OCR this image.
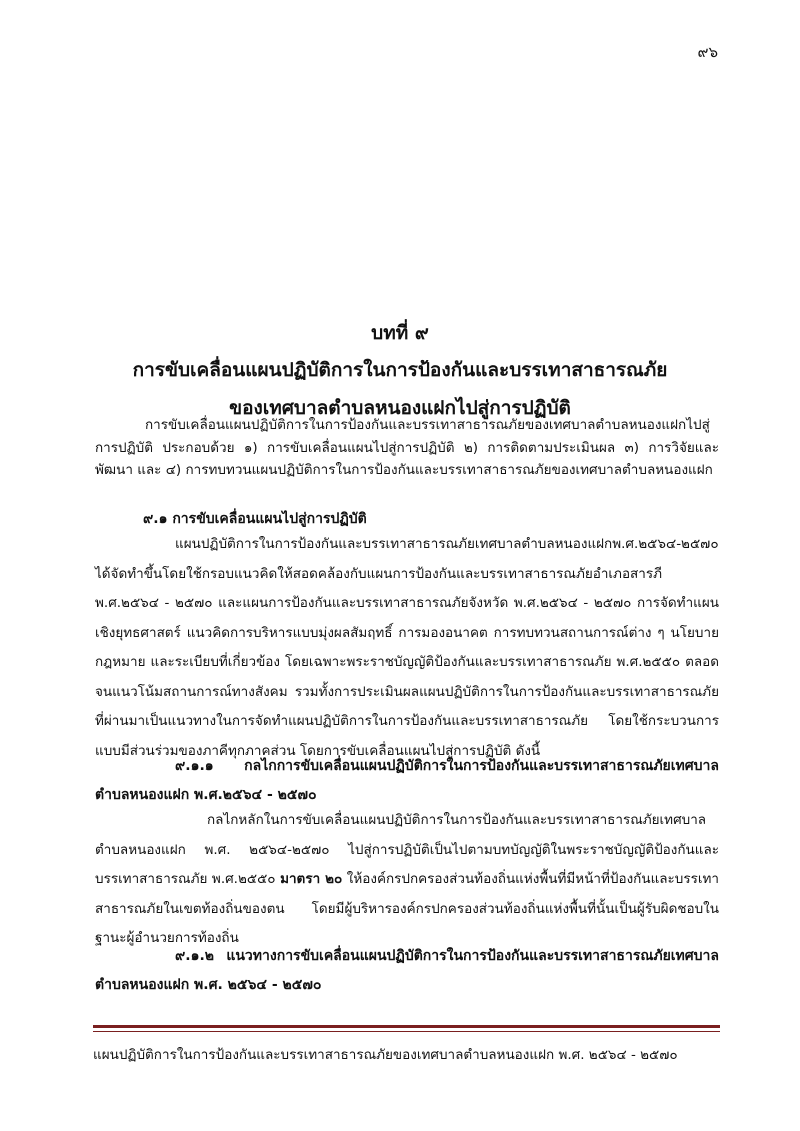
๙๖
บทที่ ๙
การขับเคลื่อนแผนปฏิบัติการในการป้องกันและบรรเทาสาธารณภัย
ของเทศบาลตำบลหนองแฝกไปสู่การปฏิบัติ

การขับเคลื่อนแผนปฏิบัติการในการป้องกันและบรรเทาสาธารณภัยของเทศบาลตำบลหนองแฝกไปสู่การปฏิบัติ ประกอบด้วย ๑) การขับเคลื่อนแผนไปสู่การปฏิบัติ ๒) การติดตามประเมินผล ๓) การวิจัยและพัฒนา และ ๔) การทบทวนแผนปฏิบัติการในการป้องกันและบรรเทาสาธารณภัยของเทศบาลตำบลหนองแฝก

๙.๑ การขับเคลื่อนแผนไปสู่การปฏิบัติ

แผนปฏิบัติการในการป้องกันและบรรเทาสาธารณภัยเทศบาลตำบลหนองแฝกพ.ศ.๒๕๖๔-๒๕๗๐ ได้จัดทำขึ้นโดยใช้กรอบแนวคิดให้สอดคล้องกับแผนการป้องกันและบรรเทาสาธารณภัยอำเภอสารภี พ.ศ.๒๕๖๔ - ๒๕๗๐ และแผนการป้องกันและบรรเทาสาธารณภัยจังหวัด พ.ศ.๒๕๖๔ - ๒๕๗๐ การจัดทำแผนเชิงยุทธศาสตร์ แนวคิดการบริหารแบบมุ่งผลสัมฤทธิ์ การมองอนาคต การทบทวนสถานการณ์ต่าง ๆ นโยบาย กฎหมาย และระเบียบที่เกี่ยวข้อง โดยเฉพาะพระราชบัญญัติป้องกันและบรรเทาสาธารณภัย พ.ศ.๒๕๕๐ ตลอดจนแนวโน้มสถานการณ์ทางสังคม รวมทั้งการประเมินผลแผนปฏิบัติการในการป้องกันและบรรเทาสาธารณภัย ที่ผ่านมาเป็นแนวทางในการจัดทำแผนปฏิบัติการในการป้องกันและบรรเทาสาธารณภัย โดยใช้กระบวนการแบบมีส่วนร่วมของภาคีทุกภาคส่วน โดยการขับเคลื่อนแผนไปสู่การปฏิบัติ ดังนี้

๙.๑.๑ กลไกการขับเคลื่อนแผนปฏิบัติการในการป้องกันและบรรเทาสาธารณภัยเทศบาลตำบลหนองแฝก พ.ศ.๒๕๖๔ - ๒๕๗๐

กลไกหลักในการขับเคลื่อนแผนปฏิบัติการในการป้องกันและบรรเทาสาธารณภัยเทศบาลตำบลหนองแฝก พ.ศ. ๒๕๖๔-๒๕๗๐ ไปสู่การปฏิบัติเป็นไปตามบทบัญญัติในพระราชบัญญัติป้องกันและบรรเทาสาธารณภัย พ.ศ.๒๕๕๐ มาตรา ๒๐ ให้องค์กรปกครองส่วนท้องถิ่นแห่งพื้นที่มีหน้าที่ป้องกันและบรรเทาสาธารณภัยในเขตท้องถิ่นของตน โดยมีผู้บริหารองค์กรปกครองส่วนท้องถิ่นแห่งพื้นที่นั้นเป็นผู้รับผิดชอบในฐานะผู้อำนวยการท้องถิ่น

๙.๑.๒ แนวทางการขับเคลื่อนแผนปฏิบัติการในการป้องกันและบรรเทาสาธารณภัยเทศบาลตำบลหนองแฝก พ.ศ. ๒๕๖๔ - ๒๕๗๐
แผนปฏิบัติการในการป้องกันและบรรเทาสาธารณภัยของเทศบาลตำบลหนองแฝก พ.ศ. ๒๕๖๔ - ๒๕๗๐
